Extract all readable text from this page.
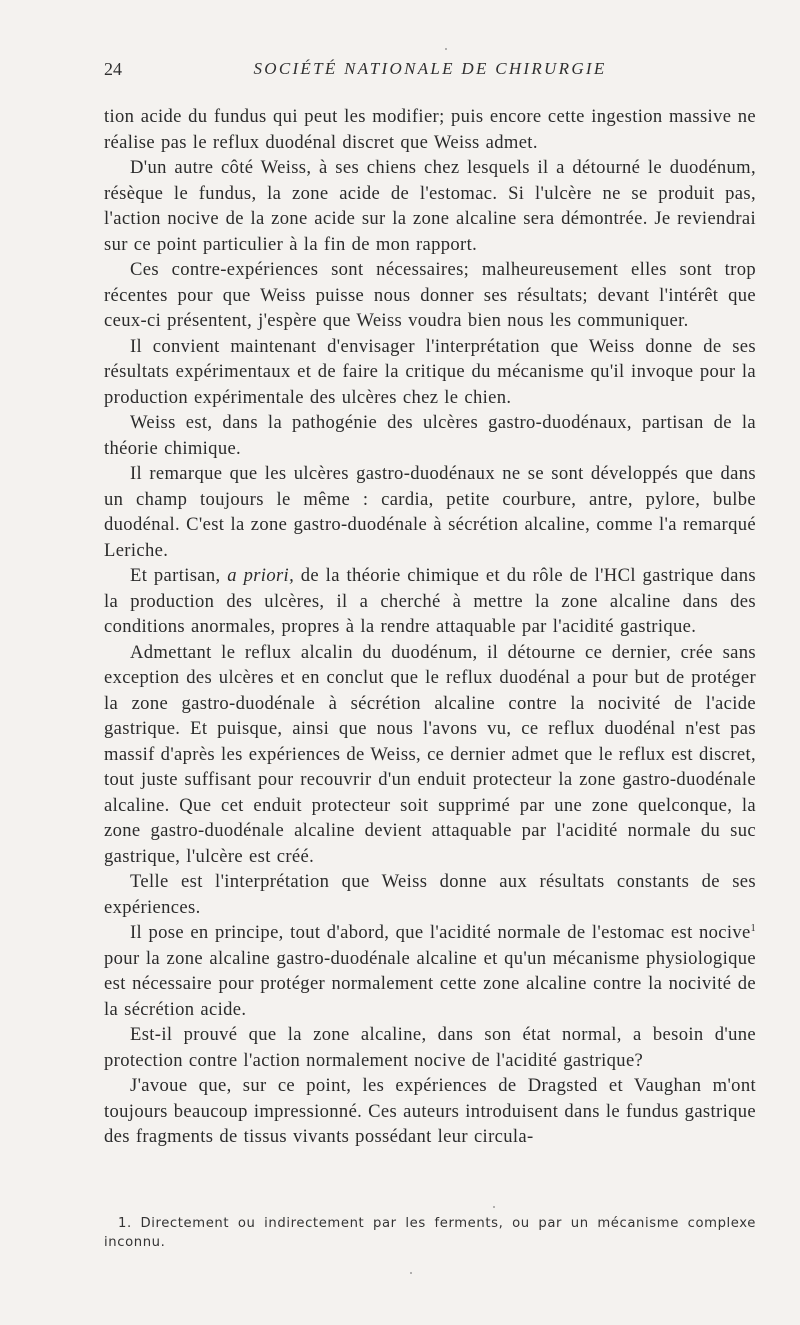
24	SOCIÉTÉ NATIONALE DE CHIRURGIE

tion acide du fundus qui peut les modifier; puis encore cette ingestion massive ne réalise pas le reflux duodénal discret que Weiss admet.

D'un autre côté Weiss, à ses chiens chez lesquels il a détourné le duodénum, résèque le fundus, la zone acide de l'estomac. Si l'ulcère ne se produit pas, l'action nocive de la zone acide sur la zone alcaline sera démontrée. Je reviendrai sur ce point particulier à la fin de mon rapport.

Ces contre-expériences sont nécessaires; malheureusement elles sont trop récentes pour que Weiss puisse nous donner ses résultats; devant l'intérêt que ceux-ci présentent, j'espère que Weiss voudra bien nous les communiquer.

Il convient maintenant d'envisager l'interprétation que Weiss donne de ses résultats expérimentaux et de faire la critique du mécanisme qu'il invoque pour la production expérimentale des ulcères chez le chien.

Weiss est, dans la pathogénie des ulcères gastro-duodénaux, partisan de la théorie chimique.

Il remarque que les ulcères gastro-duodénaux ne se sont développés que dans un champ toujours le même : cardia, petite courbure, antre, pylore, bulbe duodénal. C'est la zone gastro-duodénale à sécrétion alcaline, comme l'a remarqué Leriche.

Et partisan, a priori, de la théorie chimique et du rôle de l'HCl gastrique dans la production des ulcères, il a cherché à mettre la zone alcaline dans des conditions anormales, propres à la rendre attaquable par l'acidité gastrique.

Admettant le reflux alcalin du duodénum, il détourne ce dernier, crée sans exception des ulcères et en conclut que le reflux duodénal a pour but de protéger la zone gastro-duodénale à sécrétion alcaline contre la nocivité de l'acide gastrique. Et puisque, ainsi que nous l'avons vu, ce reflux duodénal n'est pas massif d'après les expériences de Weiss, ce dernier admet que le reflux est discret, tout juste suffisant pour recouvrir d'un enduit protecteur la zone gastro-duodénale alcaline. Que cet enduit protecteur soit supprimé par une zone quelconque, la zone gastro-duodénale alcaline devient attaquable par l'acidité normale du suc gastrique, l'ulcère est créé.

Telle est l'interprétation que Weiss donne aux résultats constants de ses expériences.

Il pose en principe, tout d'abord, que l'acidité normale de l'estomac est nocive$^1$ pour la zone alcaline gastro-duodénale alcaline et qu'un mécanisme physiologique est nécessaire pour protéger normalement cette zone alcaline contre la nocivité de la sécrétion acide.

Est-il prouvé que la zone alcaline, dans son état normal, a besoin d'une protection contre l'action normalement nocive de l'acidité gastrique?

J'avoue que, sur ce point, les expériences de Dragsted et Vaughan m'ont toujours beaucoup impressionné. Ces auteurs introduisent dans le fundus gastrique des fragments de tissus vivants possédant leur circula-

1. Directement ou indirectement par les ferments, ou par un mécanisme complexe inconnu.
